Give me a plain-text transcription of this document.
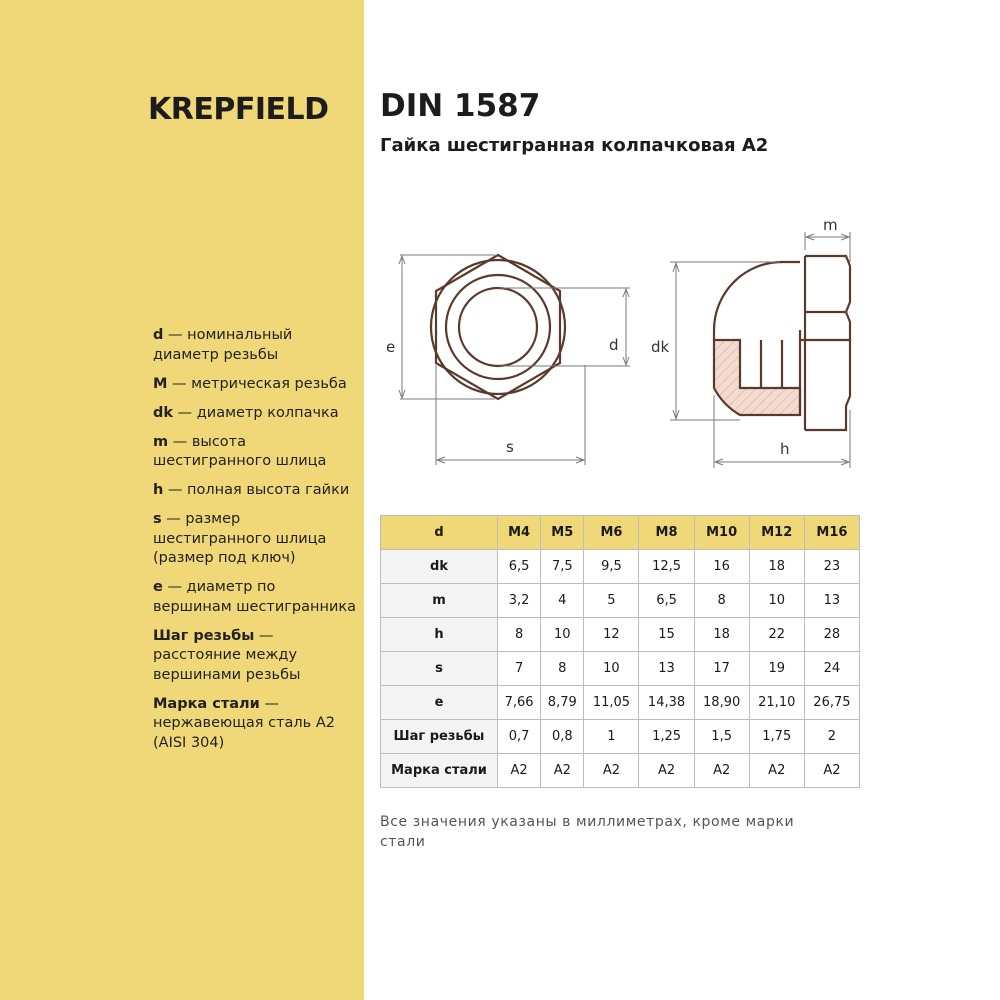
KREPFIELD DIN 1587
Гайка шестигранная колпачковая А2
d — номинальный диаметр резьбы
M — метрическая резьба
dk — диаметр колпачка
m — высота шестигранного шлица
h — полная высота гайки
s — размер шестигранного шлица (размер под ключ)
e — диаметр по вершинам шестигранника
Шаг резьбы — расстояние между вершинами резьбы
Марка стали — нержавеющая сталь А2 (AISI 304)
e	d
s
m
dk
h
d	М4	М5	М6	М8	М10	М12	М16
dk	6,5	7,5	9,5	12,5	16	18	23
m	3,2	4	5	6,5	8	10	13
h	8	10	12	15	18	22	28
s	7	8	10	13	17	19	24
e	7,66	8,79	11,05	14,38	18,90	21,10	26,75
Шаг резьбы	0,7	0,8	1	1,25	1,5	1,75	2
Марка стали	А2	А2	А2	А2	А2	А2	А2
Все значения указаны в миллиметрах, кроме марки стали
